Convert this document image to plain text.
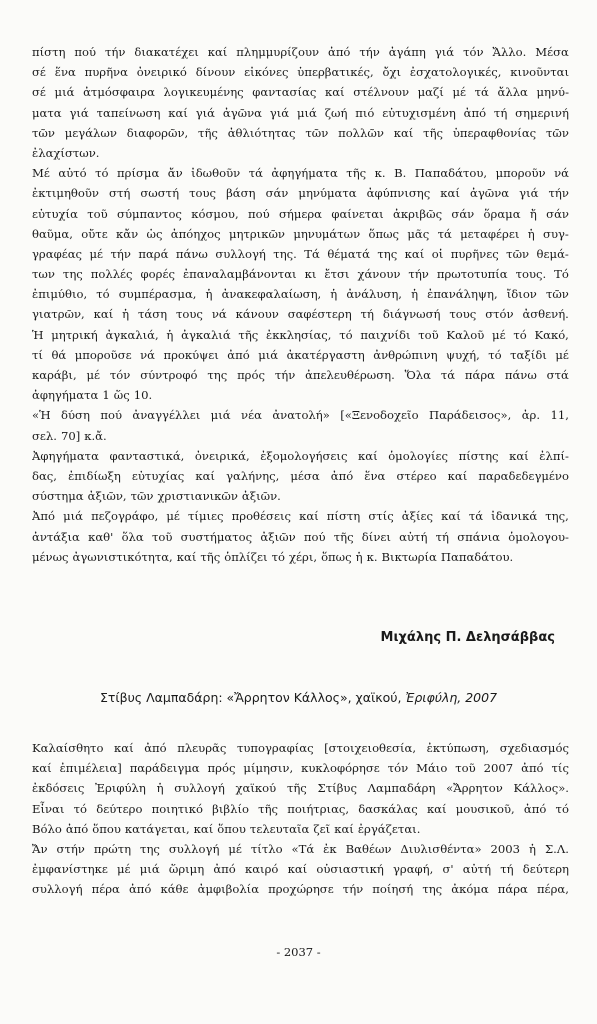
πίστη πού τήν διακατέχει καί πλημμυρίζουν ἀπό τήν ἀγάπη γιά τόν Ἄλλο. Μέσα
σέ ἕνα πυρῆνα ὀνειρικό δίνουν εἰκόνες ὑπερβατικές, ὄχι ἐσχατολογικές, κινοῦνται
σέ μιά ἀτμόσφαιρα λογικευμένης φαντασίας καί στέλνουν μαζί μέ τά ἄλλα μηνύ-
ματα γιά ταπείνωση καί γιά ἀγῶνα γιά μιά ζωή πιό εὐτυχισμένη ἀπό τή σημερινή
τῶν μεγάλων διαφορῶν, τῆς ἀθλιότητας τῶν πολλῶν καί τῆς ὑπεραφθονίας τῶν
ἐλαχίστων.
Μέ αὐτό τό πρίσμα ἄν ἰδωθοῦν τά ἀφηγήματα τῆς κ. Β. Παπαδάτου, μποροῦν νά
ἐκτιμηθοῦν στή σωστή τους βάση σάν μηνύματα ἀφύπνισης καί ἀγῶνα γιά τήν
εὐτυχία τοῦ σύμπαντος κόσμου, πού σήμερα φαίνεται ἀκριβῶς σάν ὅραμα ἤ σάν
θαῦμα, οὔτε κἄν ὡς ἀπόηχος μητρικῶν μηνυμάτων ὅπως μᾶς τά μεταφέρει ἡ συγ-
γραφέας μέ τήν παρά πάνω συλλογή της. Τά θέματά της καί οἱ πυρῆνες τῶν θεμά-
των της πολλές φορές ἐπαναλαμβάνονται κι ἔτσι χάνουν τήν πρωτοτυπία τους. Τό
ἐπιμύθιο, τό συμπέρασμα, ἡ ἀνακεφαλαίωση, ἡ ἀνάλυση, ἡ ἐπανάληψη, ἴδιον τῶν
γιατρῶν, καί ἡ τάση τους νά κάνουν σαφέστερη τή διάγνωσή τους στόν ἀσθενή.
Ἡ μητρική ἀγκαλιά, ἡ ἀγκαλιά τῆς ἐκκλησίας, τό παιχνίδι τοῦ Καλοῦ μέ τό Κακό,
τί θά μποροῦσε νά προκύψει ἀπό μιά ἀκατέργαστη ἀνθρώπινη ψυχή, τό ταξίδι μέ
καράβι, μέ τόν σύντροφό της πρός τήν ἀπελευθέρωση. Ὅλα τά πάρα πάνω στά
ἀφηγήματα 1 ὥς 10.
«Ἡ δύση πού ἀναγγέλλει μιά νέα ἀνατολή» [«Ξενοδοχεῖο Παράδεισος», ἀρ. 11,
σελ. 70] κ.ἄ.
Ἀφηγήματα φανταστικά, ὀνειρικά, ἐξομολογήσεις καί ὁμολογίες πίστης καί ἐλπί-
δας, ἐπιδίωξη εὐτυχίας καί γαλήνης, μέσα ἀπό ἕνα στέρεο καί παραδεδεγμένο
σύστημα ἀξιῶν, τῶν χριστιανικῶν ἀξιῶν.
Ἀπό μιά πεζογράφο, μέ τίμιες προθέσεις καί πίστη στίς ἀξίες καί τά ἰδανικά της,
ἀντάξια καθ' ὅλα τοῦ συστήματος ἀξιῶν πού τῆς δίνει αὐτή τή σπάνια ὁμολογου-
μένως ἀγωνιστικότητα, καί τῆς ὁπλίζει τό χέρι, ὅπως ἡ κ. Βικτωρία Παπαδάτου.
Μιχάλης Π. Δελησάββας
Στίβυς Λαμπαδάρη: «Ἄρρητον Κάλλος», χαϊκού, Ἐριφύλη, 2007
Καλαίσθητο καί ἀπό πλευρᾶς τυπογραφίας [στοιχειοθεσία, ἐκτύπωση, σχεδιασμός
καί ἐπιμέλεια] παράδειγμα πρός μίμησιν, κυκλοφόρησε τόν Μάιο τοῦ 2007 ἀπό τίς
ἐκδόσεις Ἐριφύλη ἡ συλλογή χαϊκού τῆς Στίβυς Λαμπαδάρη «Ἄρρητον Κάλλος».
Εἶναι τό δεύτερο ποιητικό βιβλίο τῆς ποιήτριας, δασκάλας καί μουσικοῦ, ἀπό τό
Βόλο ἀπό ὅπου κατάγεται, καί ὅπου τελευταῖα ζεῖ καί ἐργάζεται.
Ἄν στήν πρώτη της συλλογή μέ τίτλο «Τά ἐκ Βαθέων Διυλισθέντα» 2003 ἡ Σ.Λ.
ἐμφανίστηκε μέ μιά ὥριμη ἀπό καιρό καί οὐσιαστική γραφή, σ' αὐτή τή δεύτερη
συλλογή πέρα ἀπό κάθε ἀμφιβολία προχώρησε τήν ποίησή της ἀκόμα πάρα πέρα,
- 2037 -
